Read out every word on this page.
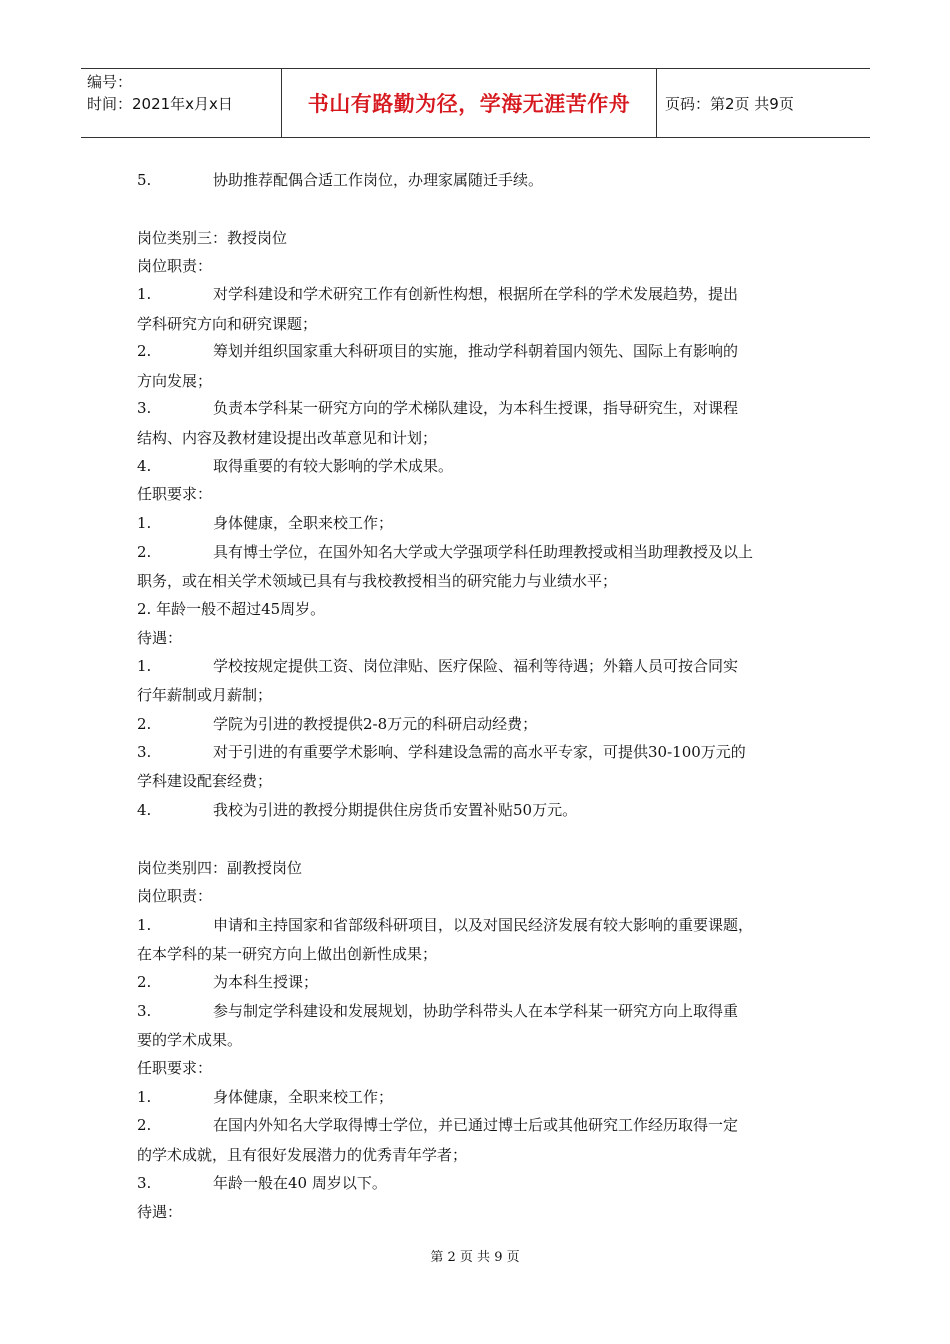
编号：
时间：2021年x月x日	书山有路勤为径，学海无涯苦作舟	页码：第2页 共9页
5.	协助推荐配偶合适工作岗位，办理家属随迁手续。
岗位类别三：教授岗位
岗位职责：
1.	对学科建设和学术研究工作有创新性构想，根据所在学科的学术发展趋势，提出
学科研究方向和研究课题；
2.	筹划并组织国家重大科研项目的实施，推动学科朝着国内领先、国际上有影响的
方向发展；
3.	负责本学科某一研究方向的学术梯队建设，为本科生授课，指导研究生，对课程
结构、内容及教材建设提出改革意见和计划；
4.	取得重要的有较大影响的学术成果。
任职要求：
1.	身体健康，全职来校工作；
2.	具有博士学位，在国外知名大学或大学强项学科任助理教授或相当助理教授及以上
职务，或在相关学术领域已具有与我校教授相当的研究能力与业绩水平；
2. 年龄一般不超过45周岁。
待遇：
1.	学校按规定提供工资、岗位津贴、医疗保险、福利等待遇；外籍人员可按合同实
行年薪制或月薪制；
2.	学院为引进的教授提供2-8万元的科研启动经费；
3.	对于引进的有重要学术影响、学科建设急需的高水平专家，可提供30-100万元的
学科建设配套经费；
4.	我校为引进的教授分期提供住房货币安置补贴50万元。
岗位类别四：副教授岗位
岗位职责：
1.	申请和主持国家和省部级科研项目，以及对国民经济发展有较大影响的重要课题，
在本学科的某一研究方向上做出创新性成果；
2.	为本科生授课；
3.	参与制定学科建设和发展规划，协助学科带头人在本学科某一研究方向上取得重
要的学术成果。
任职要求：
1.	身体健康，全职来校工作；
2.	在国内外知名大学取得博士学位，并已通过博士后或其他研究工作经历取得一定
的学术成就，且有很好发展潜力的优秀青年学者；
3.	年龄一般在40 周岁以下。
待遇：
第 2 页 共 9 页
